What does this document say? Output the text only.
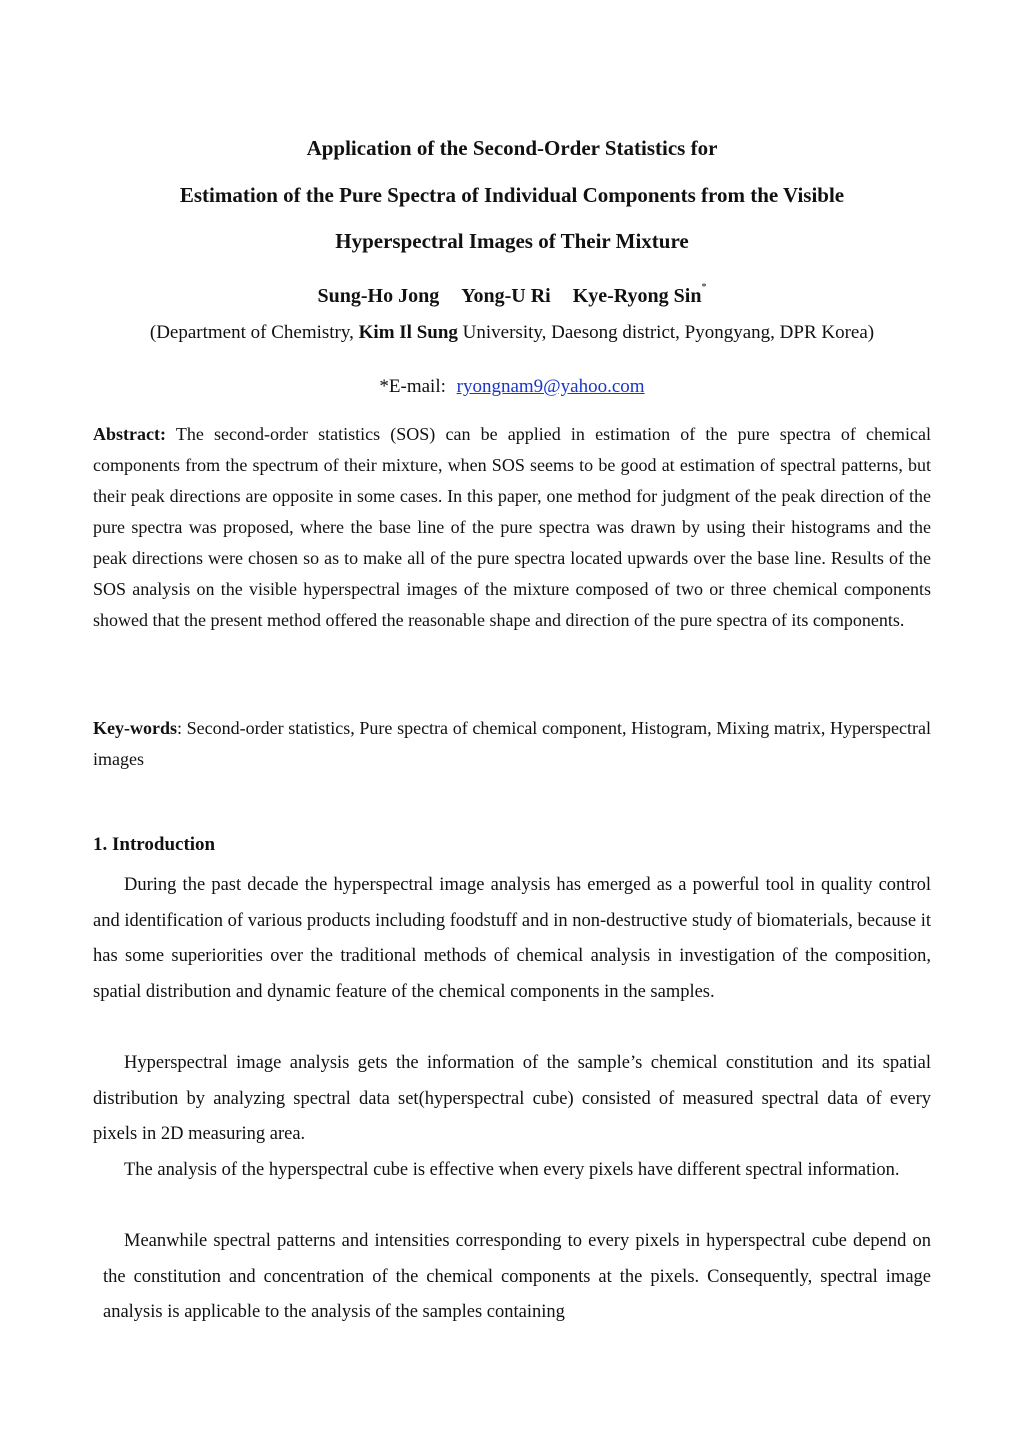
Application of the Second-Order Statistics for
Estimation of the Pure Spectra of Individual Components from the Visible
Hyperspectral Images of Their Mixture
Sung-Ho Jong Yong-U Ri Kye-Ryong Sin*
(Department of Chemistry, Kim Il Sung University, Daesong district, Pyongyang, DPR Korea)
*E-mail: ryongnam9@yahoo.com
Abstract: The second-order statistics (SOS) can be applied in estimation of the pure spectra of chemical components from the spectrum of their mixture, when SOS seems to be good at estimation of spectral patterns, but their peak directions are opposite in some cases. In this paper, one method for judgment of the peak direction of the pure spectra was proposed, where the base line of the pure spectra was drawn by using their histograms and the peak directions were chosen so as to make all of the pure spectra located upwards over the base line. Results of the SOS analysis on the visible hyperspectral images of the mixture composed of two or three chemical components showed that the present method offered the reasonable shape and direction of the pure spectra of its components.
Key-words: Second-order statistics, Pure spectra of chemical component, Histogram, Mixing matrix, Hyperspectral images
1. Introduction
During the past decade the hyperspectral image analysis has emerged as a powerful tool in quality control and identification of various products including foodstuff and in non-destructive study of biomaterials, because it has some superiorities over the traditional methods of chemical analysis in investigation of the composition, spatial distribution and dynamic feature of the chemical components in the samples.
Hyperspectral image analysis gets the information of the sample’s chemical constitution and its spatial distribution by analyzing spectral data set(hyperspectral cube) consisted of measured spectral data of every pixels in 2D measuring area.
The analysis of the hyperspectral cube is effective when every pixels have different spectral information.
Meanwhile spectral patterns and intensities corresponding to every pixels in hyperspectral cube depend on the constitution and concentration of the chemical components at the pixels. Consequently, spectral image analysis is applicable to the analysis of the samples containing
